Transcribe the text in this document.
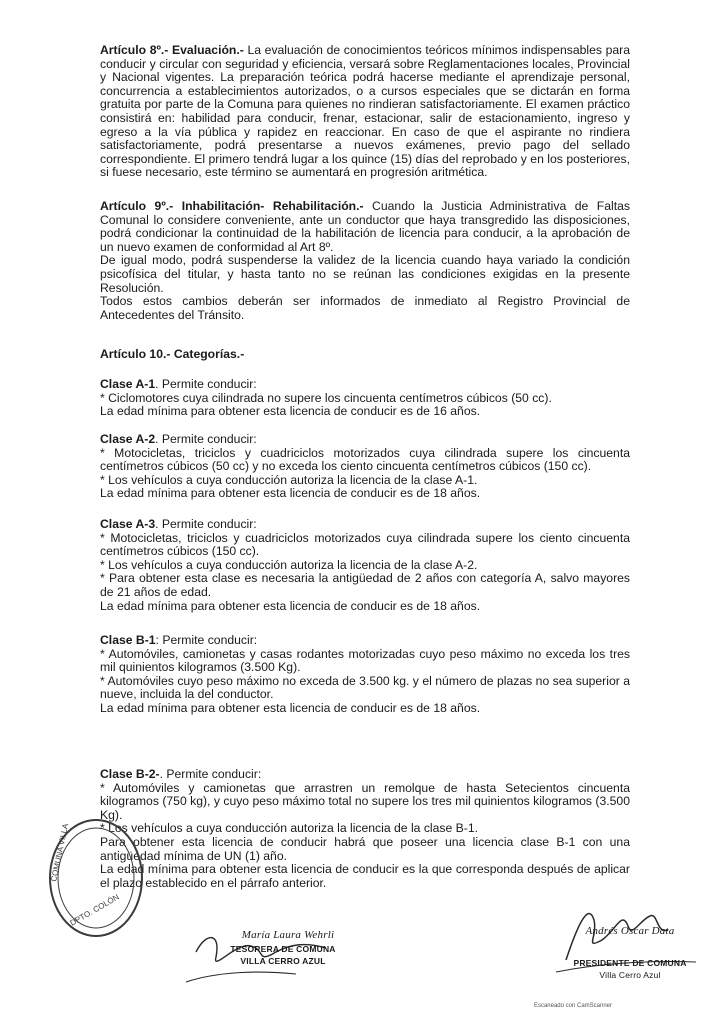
Artículo 8º.- Evaluación.- La evaluación de conocimientos teóricos mínimos indispensables para conducir y circular con seguridad y eficiencia, versará sobre Reglamentaciones locales, Provincial y Nacional vigentes. La preparación teórica podrá hacerse mediante el aprendizaje personal, concurrencia a establecimientos autorizados, o a cursos especiales que se dictarán en forma gratuita por parte de la Comuna para quienes no rindieran satisfactoriamente. El examen práctico consistirá en: habilidad para conducir, frenar, estacionar, salir de estacionamiento, ingreso y egreso a la vía pública y rapidez en reaccionar. En caso de que el aspirante no rindiera satisfactoriamente, podrá presentarse a nuevos exámenes, previo pago del sellado correspondiente. El primero tendrá lugar a los quince (15) días del reprobado y en los posteriores, si fuese necesario, este término se aumentará en progresión aritmética.

Artículo 9º.- Inhabilitación- Rehabilitación.- Cuando la Justicia Administrativa de Faltas Comunal lo considere conveniente, ante un conductor que haya transgredido las disposiciones, podrá condicionar la continuidad de la habilitación de licencia para conducir, a la aprobación de un nuevo examen de conformidad al Art 8º.

De igual modo, podrá suspenderse la validez de la licencia cuando haya variado la condición psicofísica del titular, y hasta tanto no se reúnan las condiciones exigidas en la presente Resolución.

Todos estos cambios deberán ser informados de inmediato al Registro Provincial de Antecedentes del Tránsito.

Artículo 10.- Categorías.-

Clase A-1. Permite conducir:

* Ciclomotores cuya cilindrada no supere los cincuenta centímetros cúbicos (50 cc).

La edad mínima para obtener esta licencia de conducir es de 16 años.

Clase A-2. Permite conducir:

* Motocicletas, triciclos y cuadriciclos motorizados cuya cilindrada supere los cincuenta centímetros cúbicos (50 cc) y no exceda los ciento cincuenta centímetros cúbicos (150 cc).

* Los vehículos a cuya conducción autoriza la licencia de la clase A-1.

La edad mínima para obtener esta licencia de conducir es de 18 años.

Clase A-3. Permite conducir:

* Motocicletas, triciclos y cuadriciclos motorizados cuya cilindrada supere los ciento cincuenta centímetros cúbicos (150 cc).

* Los vehículos a cuya conducción autoriza la licencia de la clase A-2.

* Para obtener esta clase es necesaria la antigüedad de 2 años con categoría A, salvo mayores de 21 años de edad.

La edad mínima para obtener esta licencia de conducir es de 18 años.

Clase B-1: Permite conducir:

* Automóviles, camionetas y casas rodantes motorizadas cuyo peso máximo no exceda los tres mil quinientos kilogramos (3.500 Kg).

* Automóviles cuyo peso máximo no exceda de 3.500 kg. y el número de plazas no sea superior a nueve, incluida la del conductor.

La edad mínima para obtener esta licencia de conducir es de 18 años.

Clase B-2-. Permite conducir:

* Automóviles y camionetas que arrastren un remolque de hasta Setecientos cincuenta kilogramos (750 kg), y cuyo peso máximo total no supere los tres mil quinientos kilogramos (3.500 Kg).

* Los vehículos a cuya conducción autoriza la licencia de la clase B-1.

Para obtener esta licencia de conducir habrá que poseer una licencia clase B-1 con una antigüedad mínima de UN (1) año.

La edad mínima para obtener esta licencia de conducir es la que corresponda después de aplicar el plazo establecido en el párrafo anterior.

COMUNA VILLA
DPTO. COLÓN
María Laura Wehrli
TESORERA DE COMUNA
VILLA CERRO AZUL
Andrés Oscar Data
PRESIDENTE DE COMUNA
Villa Cerro Azul
Escaneado con CamScanner
